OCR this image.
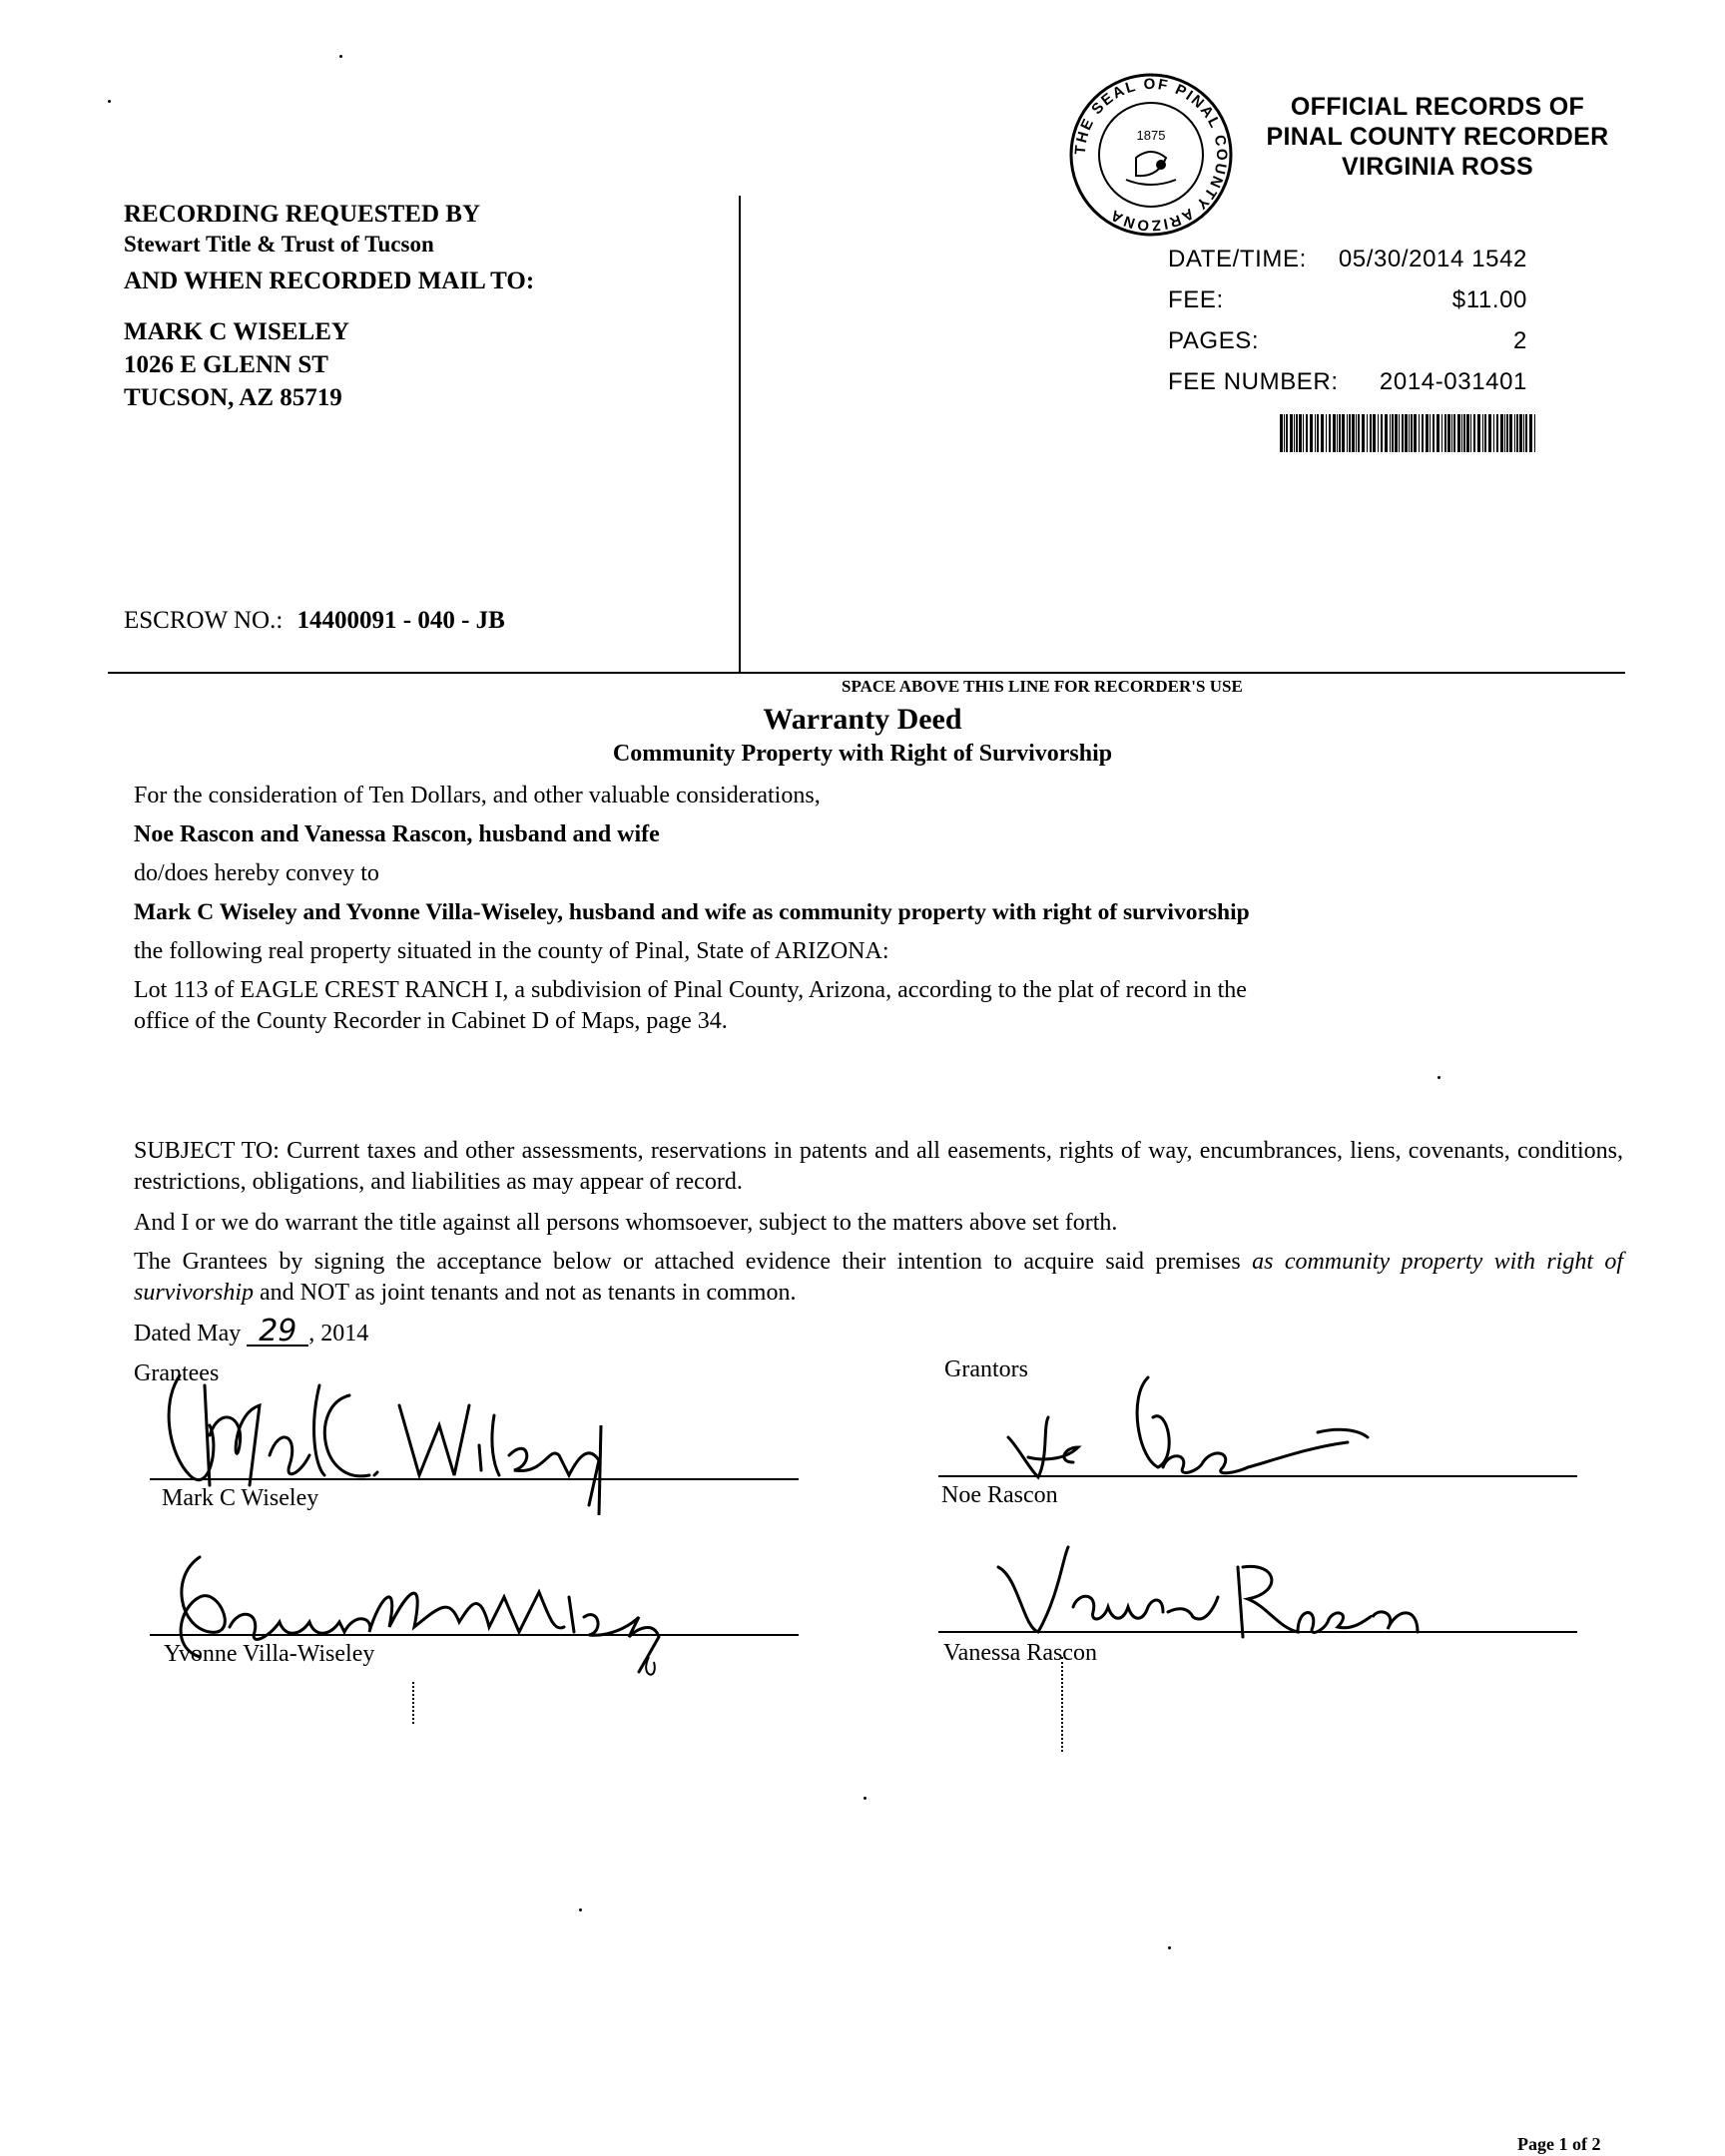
RECORDING REQUESTED BY
Stewart Title & Trust of Tucson
AND WHEN RECORDED MAIL TO:
MARK C WISELEY
1026 E GLENN ST
TUCSON, AZ 85719
ESCROW NO.: 14400091 - 040 - JB
THE SEAL OF PINAL COUNTY ARIZONA
1875
OFFICIAL RECORDS OF
PINAL COUNTY RECORDER
VIRGINIA ROSS
DATE/TIME: 05/30/2014 1542
FEE:	$11.00
PAGES:	2
FEE NUMBER: 2014-031401
SPACE ABOVE THIS LINE FOR RECORDER'S USE
Warranty Deed
Community Property with Right of Survivorship
For the consideration of Ten Dollars, and other valuable considerations,
Noe Rascon and Vanessa Rascon, husband and wife
do/does hereby convey to
Mark C Wiseley and Yvonne Villa-Wiseley, husband and wife as community property with right of survivorship
the following real property situated in the county of Pinal, State of ARIZONA:
Lot 113 of EAGLE CREST RANCH I, a subdivision of Pinal County, Arizona, according to the plat of record in the
office of the County Recorder in Cabinet D of Maps, page 34.
SUBJECT TO: Current taxes and other assessments, reservations in patents and all easements, rights of way, encumbrances, liens, covenants, conditions, restrictions, obligations, and liabilities as may appear of record.
And I or we do warrant the title against all persons whomsoever, subject to the matters above set forth.
The Grantees by signing the acceptance below or attached evidence their intention to acquire said premises as community property with right of survivorship and NOT as joint tenants and not as tenants in common.
Dated May 29 , 2014
Grantees	Grantors
Mark C Wiseley	Noe Rascon
Yvonne Villa-Wiseley	Vanessa Rascon
Page 1 of 2
